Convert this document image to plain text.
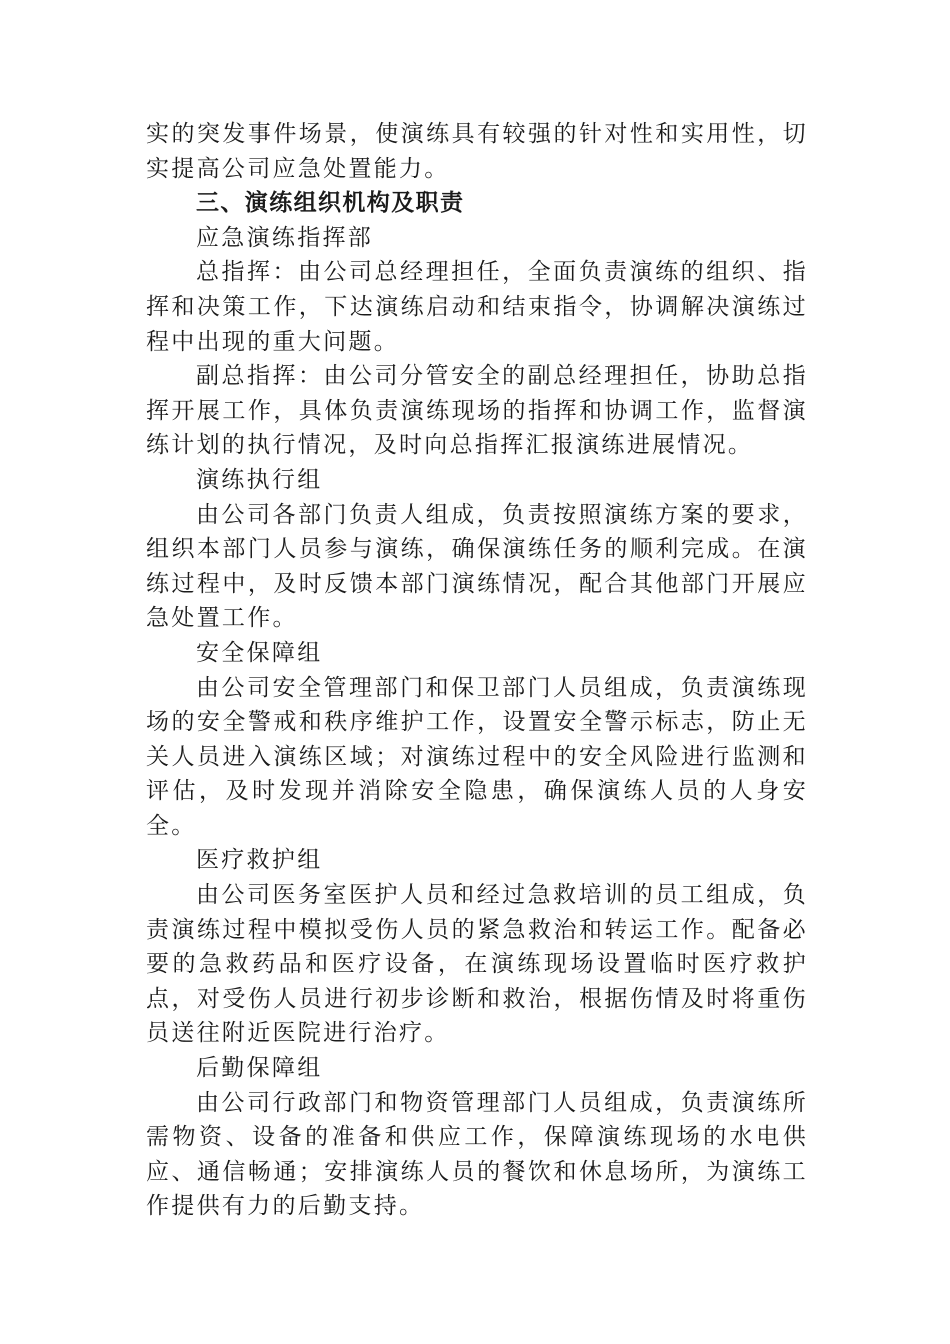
实的突发事件场景，使演练具有较强的针对性和实用性，切实提高公司应急处置能力。

三、演练组织机构及职责

应急演练指挥部

总指挥：由公司总经理担任，全面负责演练的组织、指挥和决策工作，下达演练启动和结束指令，协调解决演练过程中出现的重大问题。

副总指挥：由公司分管安全的副总经理担任，协助总指挥开展工作，具体负责演练现场的指挥和协调工作，监督演练计划的执行情况，及时向总指挥汇报演练进展情况。

演练执行组

由公司各部门负责人组成，负责按照演练方案的要求，组织本部门人员参与演练，确保演练任务的顺利完成。在演练过程中，及时反馈本部门演练情况，配合其他部门开展应急处置工作。

安全保障组

由公司安全管理部门和保卫部门人员组成，负责演练现场的安全警戒和秩序维护工作，设置安全警示标志，防止无关人员进入演练区域；对演练过程中的安全风险进行监测和评估，及时发现并消除安全隐患，确保演练人员的人身安全。

医疗救护组

由公司医务室医护人员和经过急救培训的员工组成，负责演练过程中模拟受伤人员的紧急救治和转运工作。配备必要的急救药品和医疗设备，在演练现场设置临时医疗救护点，对受伤人员进行初步诊断和救治，根据伤情及时将重伤员送往附近医院进行治疗。

后勤保障组

由公司行政部门和物资管理部门人员组成，负责演练所需物资、设备的准备和供应工作，保障演练现场的水电供应、通信畅通；安排演练人员的餐饮和休息场所，为演练工作提供有力的后勤支持。
